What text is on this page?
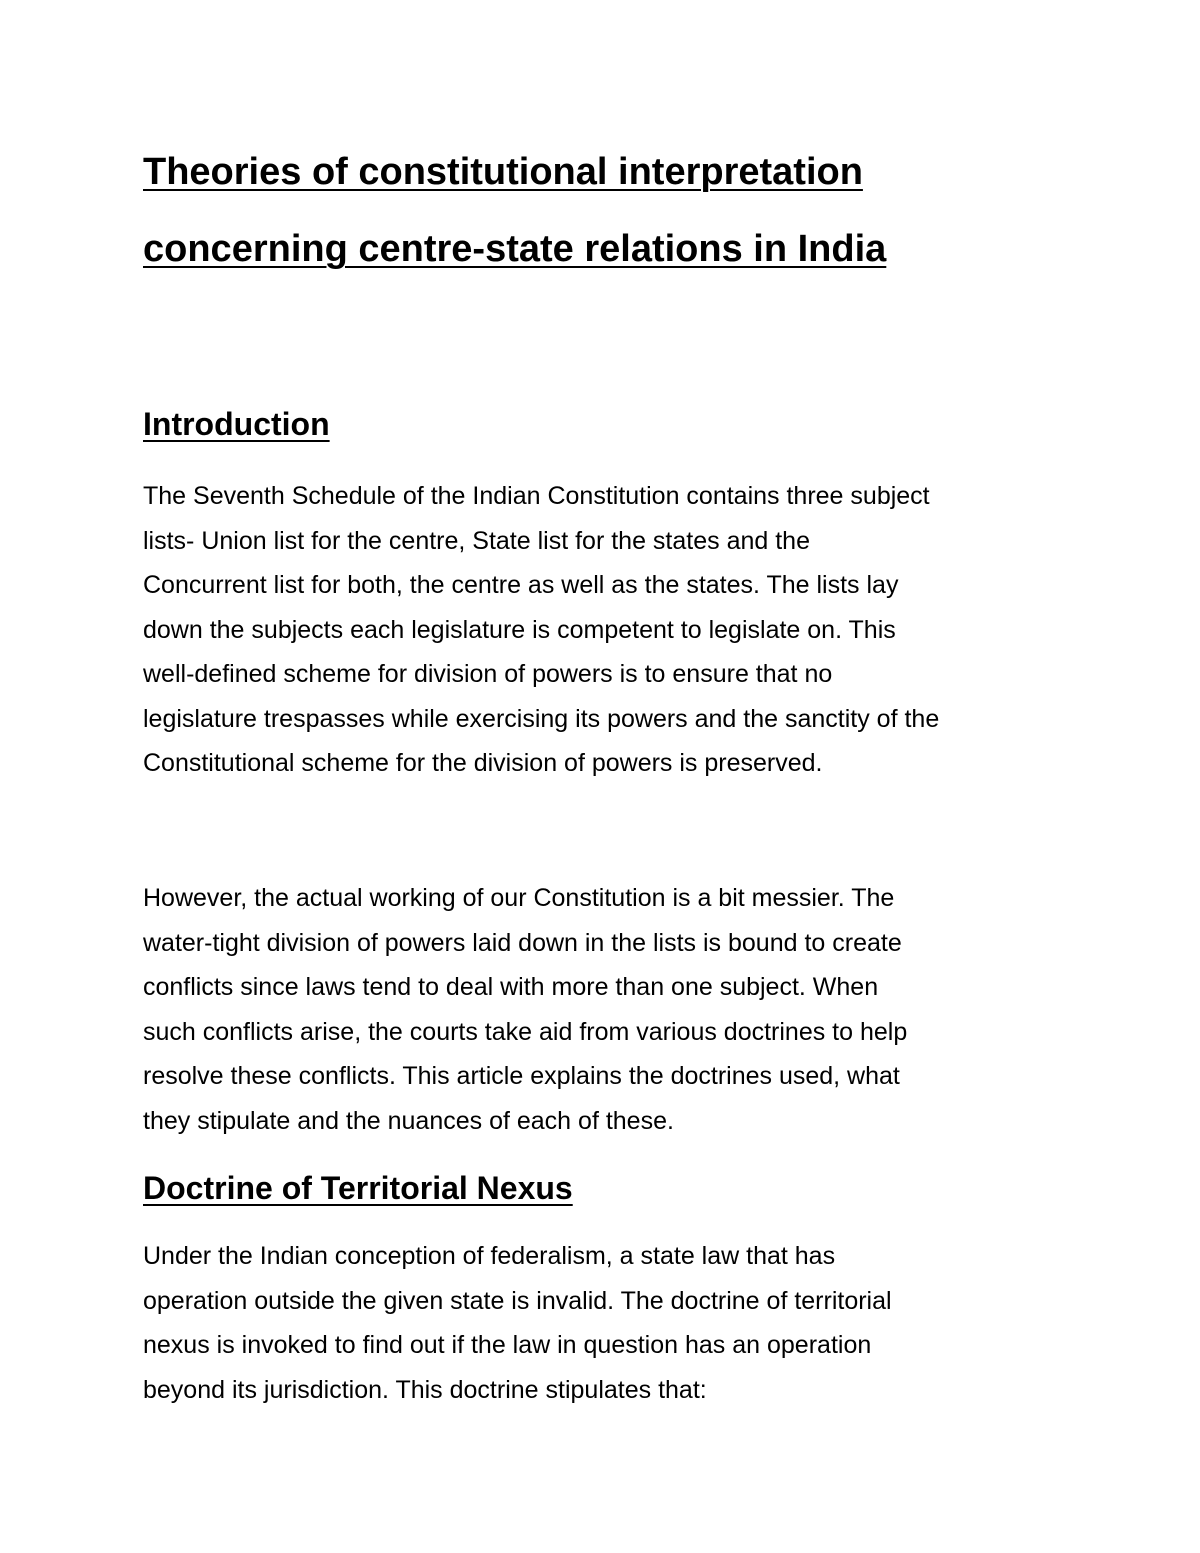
Theories of constitutional interpretation
concerning centre-state relations in India
Introduction

The Seventh Schedule of the Indian Constitution contains three subject
lists- Union list for the centre, State list for the states and the
Concurrent list for both, the centre as well as the states. The lists lay
down the subjects each legislature is competent to legislate on. This
well-defined scheme for division of powers is to ensure that no
legislature trespasses while exercising its powers and the sanctity of the
Constitutional scheme for the division of powers is preserved.

However, the actual working of our Constitution is a bit messier. The
water-tight division of powers laid down in the lists is bound to create
conflicts since laws tend to deal with more than one subject. When
such conflicts arise, the courts take aid from various doctrines to help
resolve these conflicts. This article explains the doctrines used, what
they stipulate and the nuances of each of these.

Doctrine of Territorial Nexus

Under the Indian conception of federalism, a state law that has
operation outside the given state is invalid. The doctrine of territorial
nexus is invoked to find out if the law in question has an operation
beyond its jurisdiction. This doctrine stipulates that:
